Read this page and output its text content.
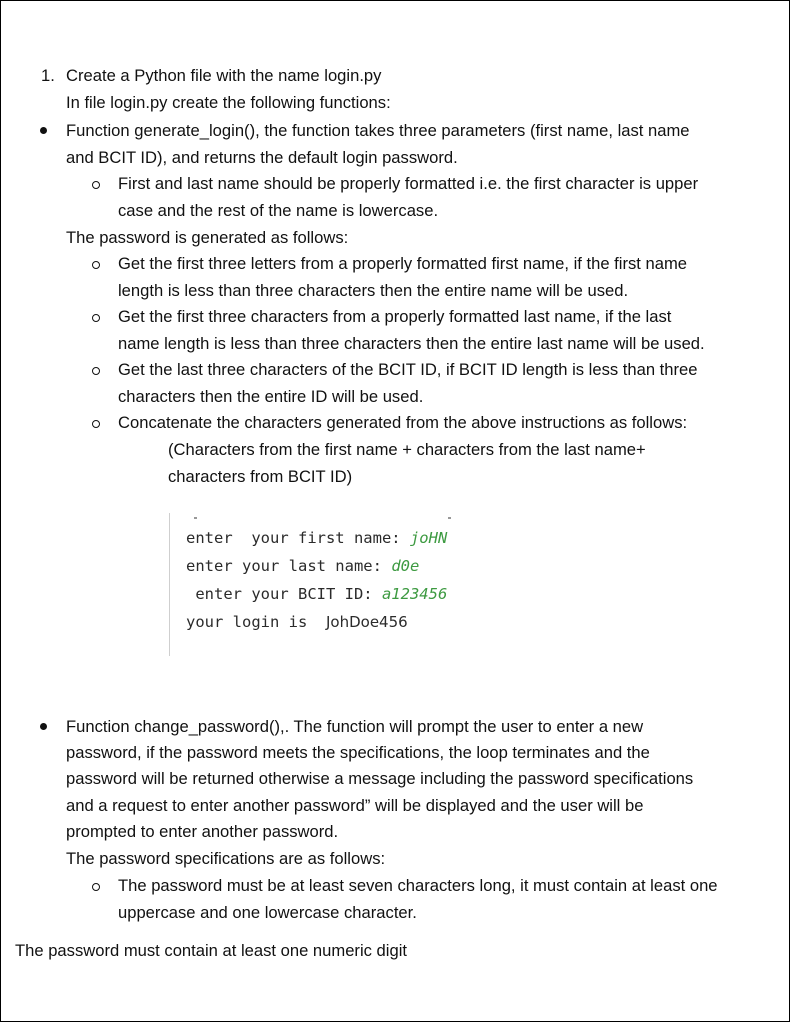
1. Create a Python file with the name login.py
In file login.py create the following functions:
Function generate_login(), the function takes three parameters (first name, last name
and BCIT ID), and returns the default login password.
First and last name should be properly formatted i.e. the first character is upper
case and the rest of the name is lowercase.
The password is generated as follows:
Get the first three letters from a properly formatted first name, if the first name
length is less than three characters then the entire name will be used.
Get the first three characters from a properly formatted last name, if the last
name length is less than three characters then the entire last name will be used.
Get the last three characters of the BCIT ID, if BCIT ID length is less than three
characters then the entire ID will be used.
Concatenate the characters generated from the above instructions as follows:
(Characters from the first name + characters from the last name+
characters from BCIT ID)
enter  your first name: joHN
enter your last name: d0e
enter your BCIT ID: a123456
your login is  JohDoe456
Function change_password(),. The function will prompt the user to enter a new
password, if the password meets the specifications, the loop terminates and the
password will be returned otherwise a message including the password specifications
and a request to enter another password” will be displayed and the user will be
prompted to enter another password.
The password specifications are as follows:
The password must be at least seven characters long, it must contain at least one
uppercase and one lowercase character.
The password must contain at least one numeric digit
